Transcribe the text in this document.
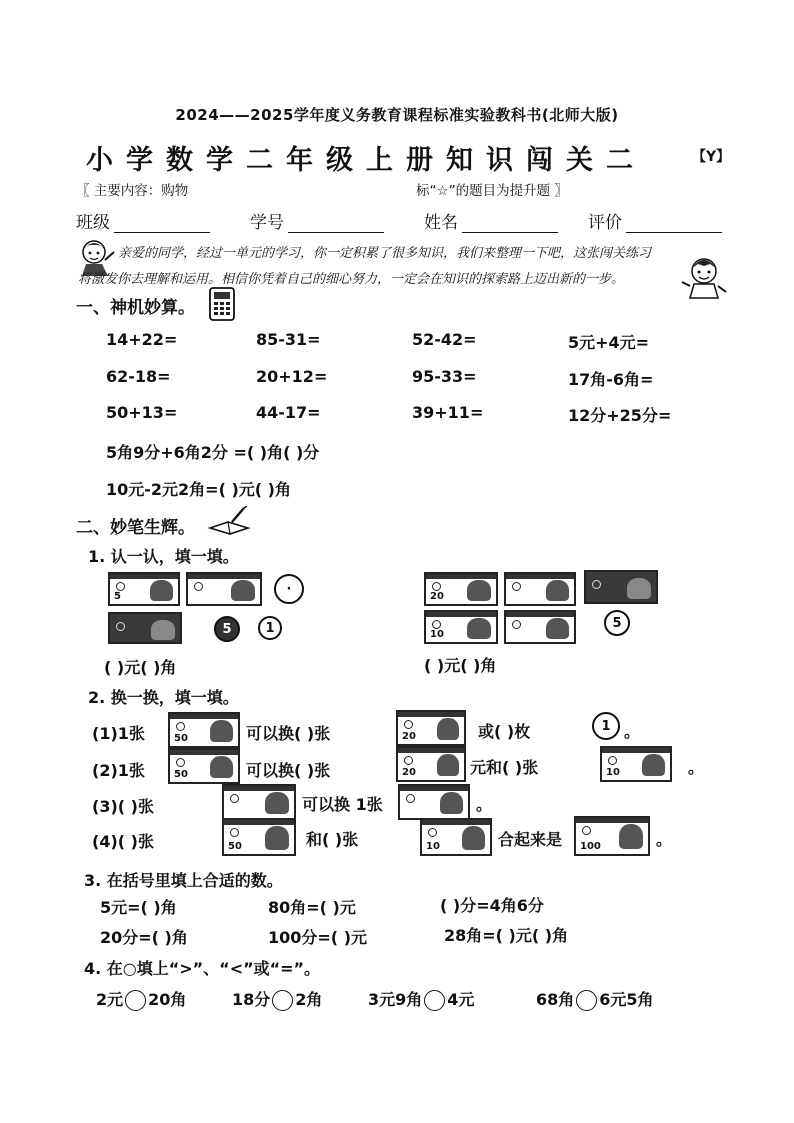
2024——2025学年度义务教育课程标准实验教科书(北师大版)
小学数学二年级上册知识闯关二	【Y】
〖 主要内容：购物	标“☆”的题目为提升题 〗
班级	学号	姓名	评价
亲爱的同学，经过一单元的学习，你一定积累了很多知识，我们来整理一下吧，这张闯关练习
将激发你去理解和运用。相信你凭着自己的细心努力，一定会在知识的探索路上迈出新的一步。
一、神机妙算。
14+22=	85-31=	52-42=	5元+4元=
62-18=	20+12=	95-33=	17角-6角=
50+13=	44-17=	39+11=	12分+25分=
5角9分+6角2分 =( )角( )分
10元-2元2角=( )元( )角
二、妙笔生辉。
1. 认一认，填一填。
5	·
5	1
20
10
5
( )元( )角	( )元( )角
2. 换一换，填一填。
(1)1张	50	可以换( )张	20	或( )枚	1 。
(2)1张	50	可以换( )张	20	元和( )张	10	。
(3)( )张	可以换 1张	。
(4)( )张	50	和( )张	10	合起来是 100	。
3. 在括号里填上合适的数。
5元=( )角	80角=( )元	( )分=4角6分
20分=( )角	100分=( )元	28角=( )元( )角
4. 在○填上“>”、“<”或“=”。
2元 20角	18分 2角	3元9角 4元	68角 6元5角
